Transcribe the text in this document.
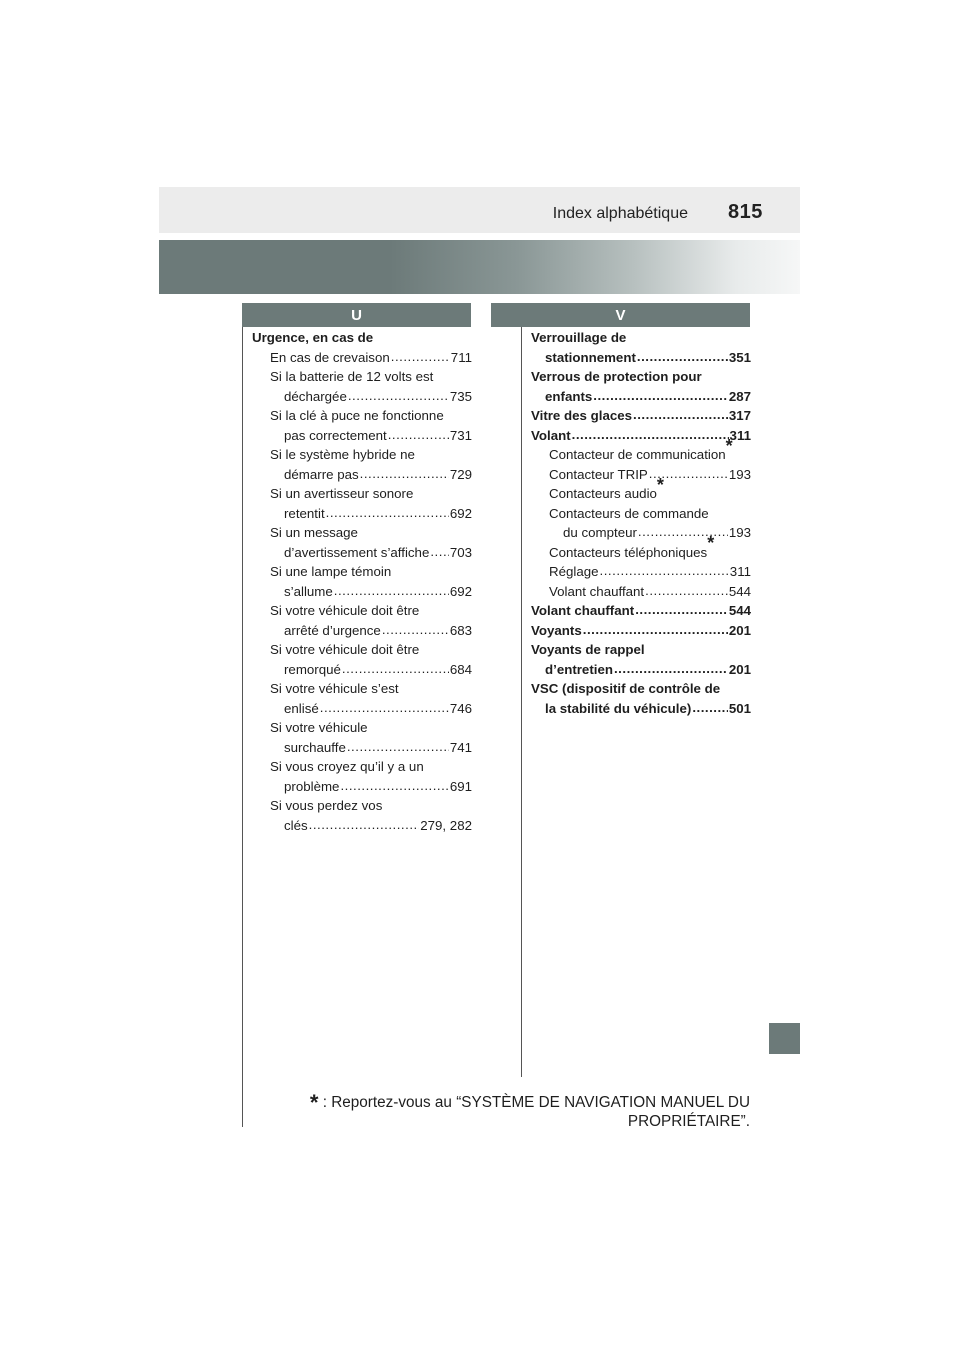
Index alphabétique 815
U	V
Urgence, en cas de
En cas de crevaison .....	711
Si la batterie de 12 volts est
déchargée .....	735
Si la clé à puce ne fonctionne
pas correctement .....	731
Si le système hybride ne
démarre pas .....	729
Si un avertisseur sonore
retentit .....	692
Si un message
d’avertissement s’affiche ..... 703
Si une lampe témoin
s’allume .....	692
Si votre véhicule doit être
arrêté d’urgence .....	683
Si votre véhicule doit être
remorqué .....	684
Si votre véhicule s’est
enlisé .....	746
Si votre véhicule
surchauffe .....	741
Si vous croyez qu’il y a un
problème .....	691
Si vous perdez vos
clés .....	279, 282
Verrouillage de
stationnement .....	351
Verrous de protection pour
enfants .....	287
Vitre des glaces .....	317
Volant .....	311
Contacteur de communication*
Contacteur TRIP .....	193
Contacteurs audio*
Contacteurs de commande
du compteur .....	193
Contacteurs téléphoniques*
Réglage .....	311
Volant chauffant .....	544
Volant chauffant .....	544
Voyants .....	201
Voyants de rappel
d’entretien .....	201
VSC (dispositif de contrôle de
la stabilité du véhicule) .....	501
* : Reportez-vous au “SYSTÈME DE NAVIGATION MANUEL DU
PROPRIÉTAIRE”.
